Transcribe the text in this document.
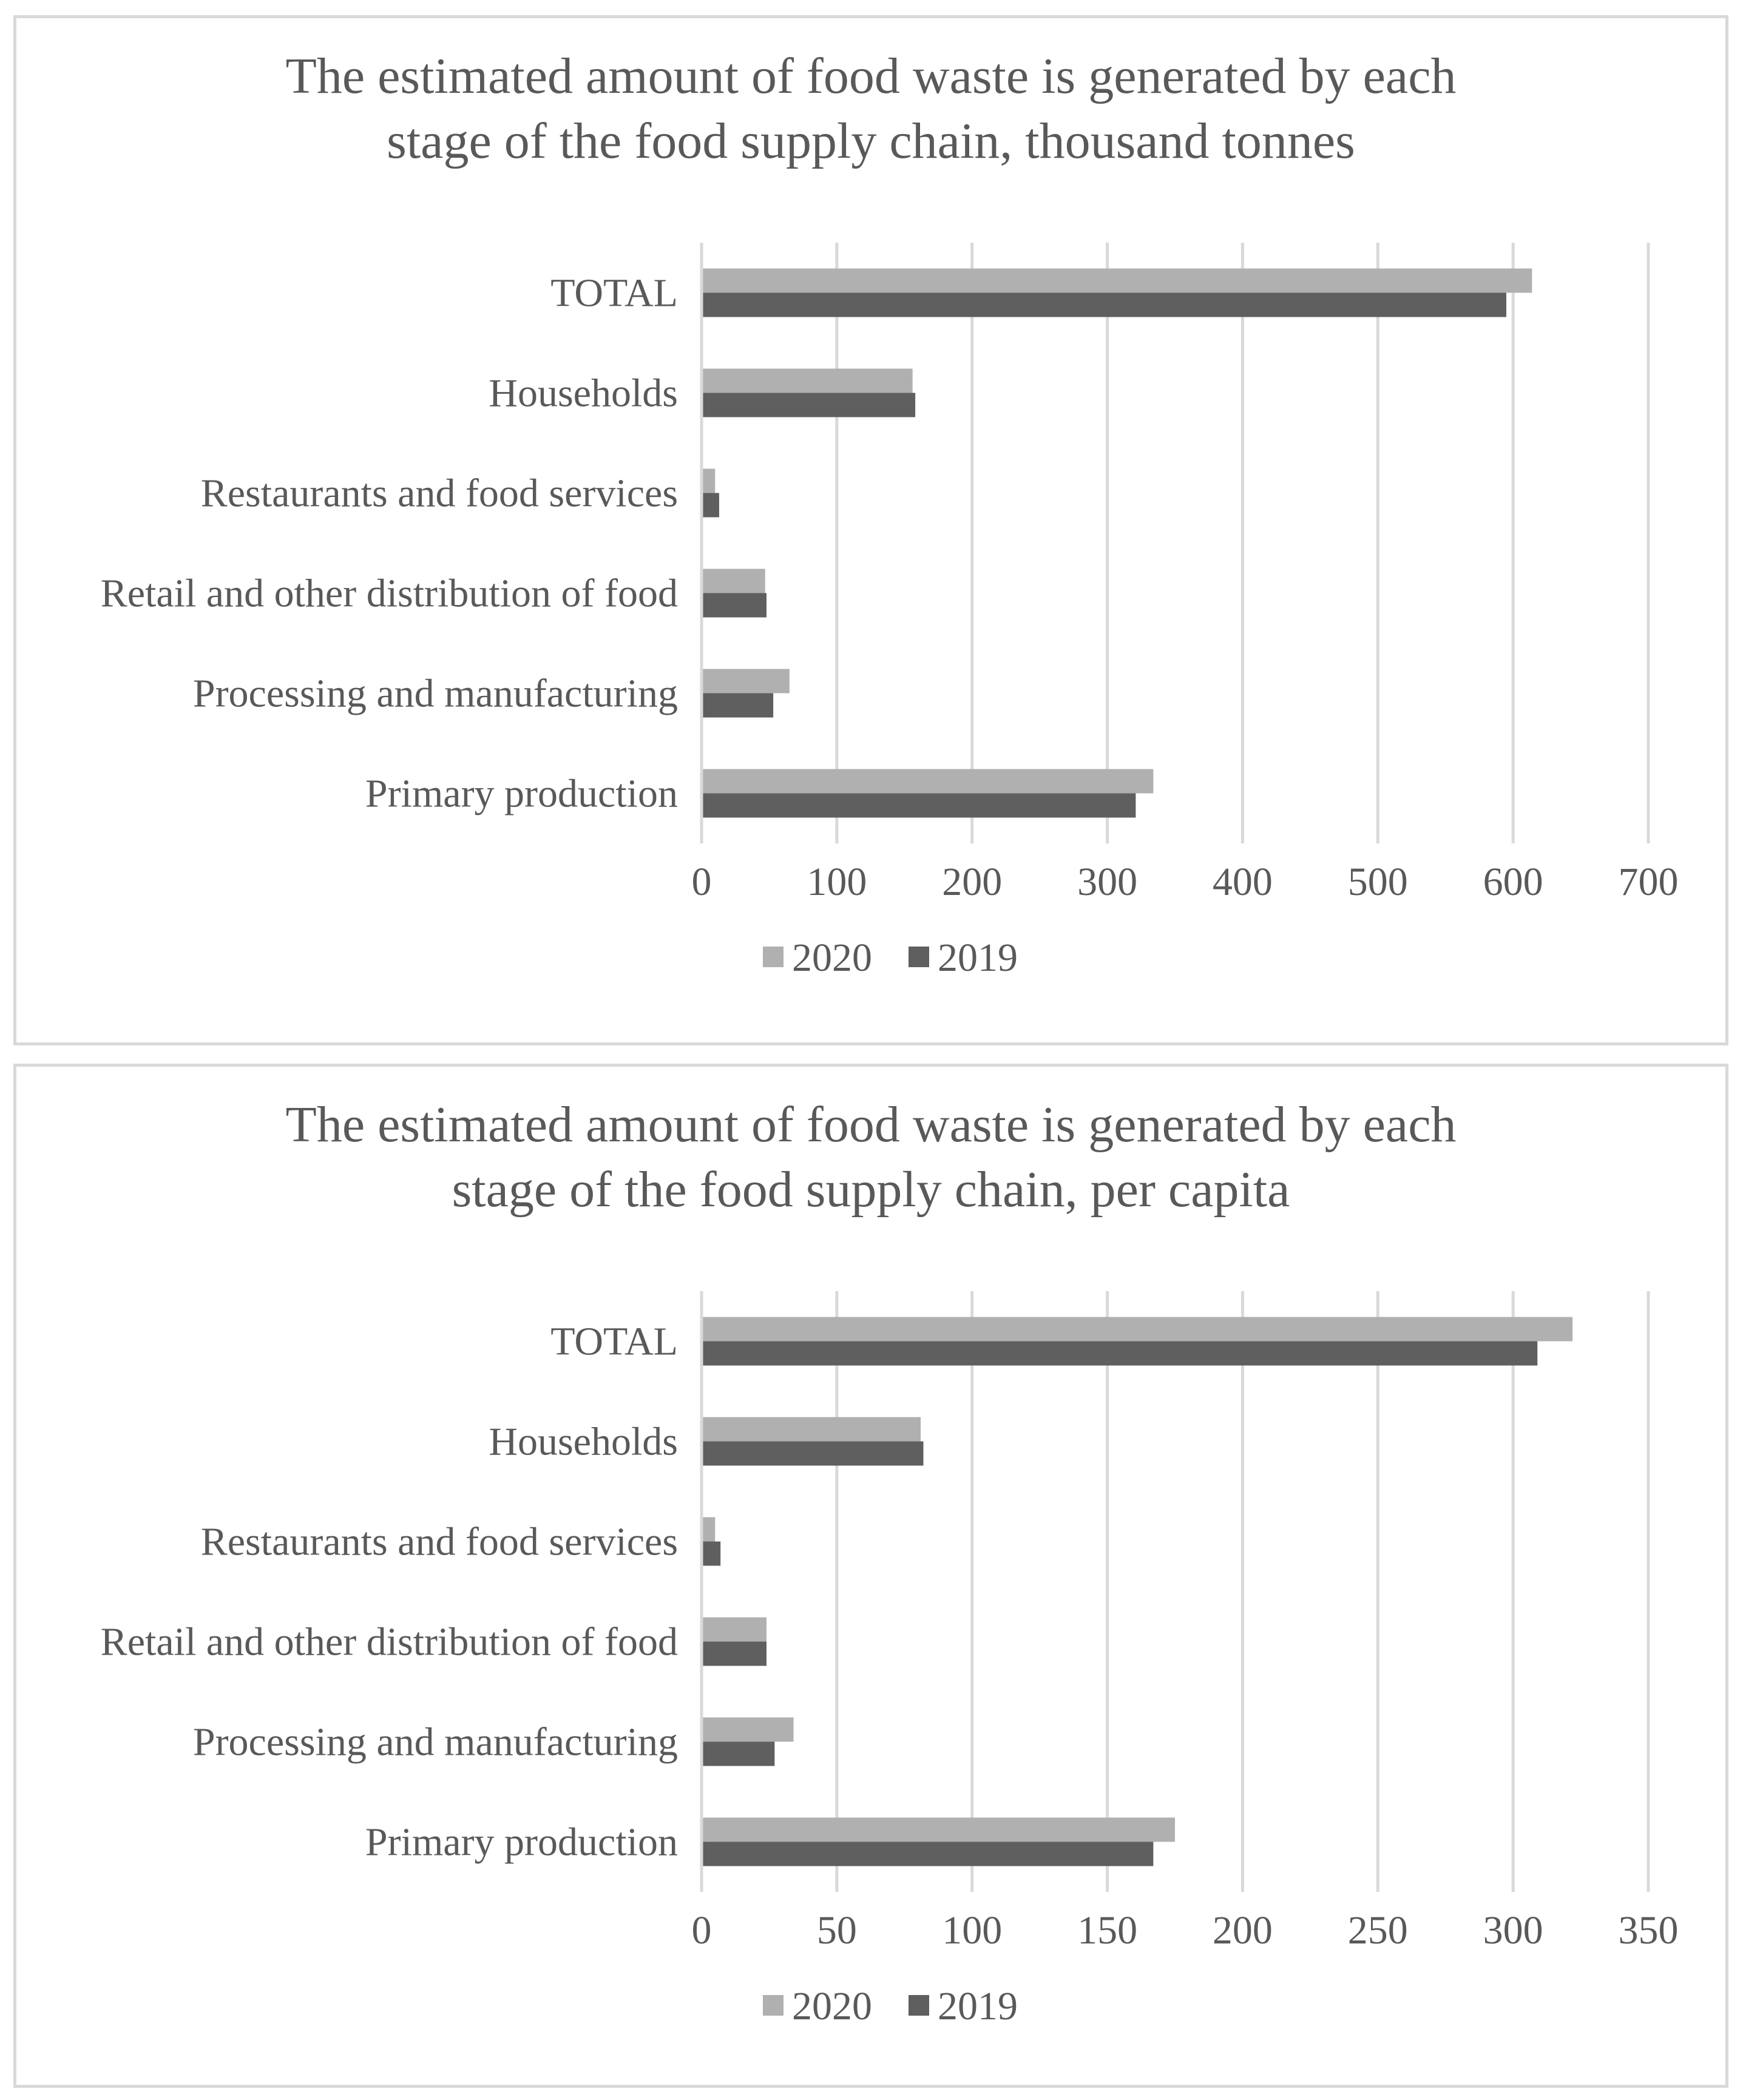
The estimated amount of food waste is generated by each
stage of the food supply chain, thousand tonnes
0 100 200 300 400 500 600 700
TOTAL
Households
Restaurants and food services
Retail and other distribution of food
Processing and manufacturing
Primary production
2020 2019
The estimated amount of food waste is generated by each
stage of the food supply chain, per capita
0	50 100 150 200 250 300 350
TOTAL
Households
Restaurants and food services
Retail and other distribution of food
Processing and manufacturing
Primary production
2020 2019
